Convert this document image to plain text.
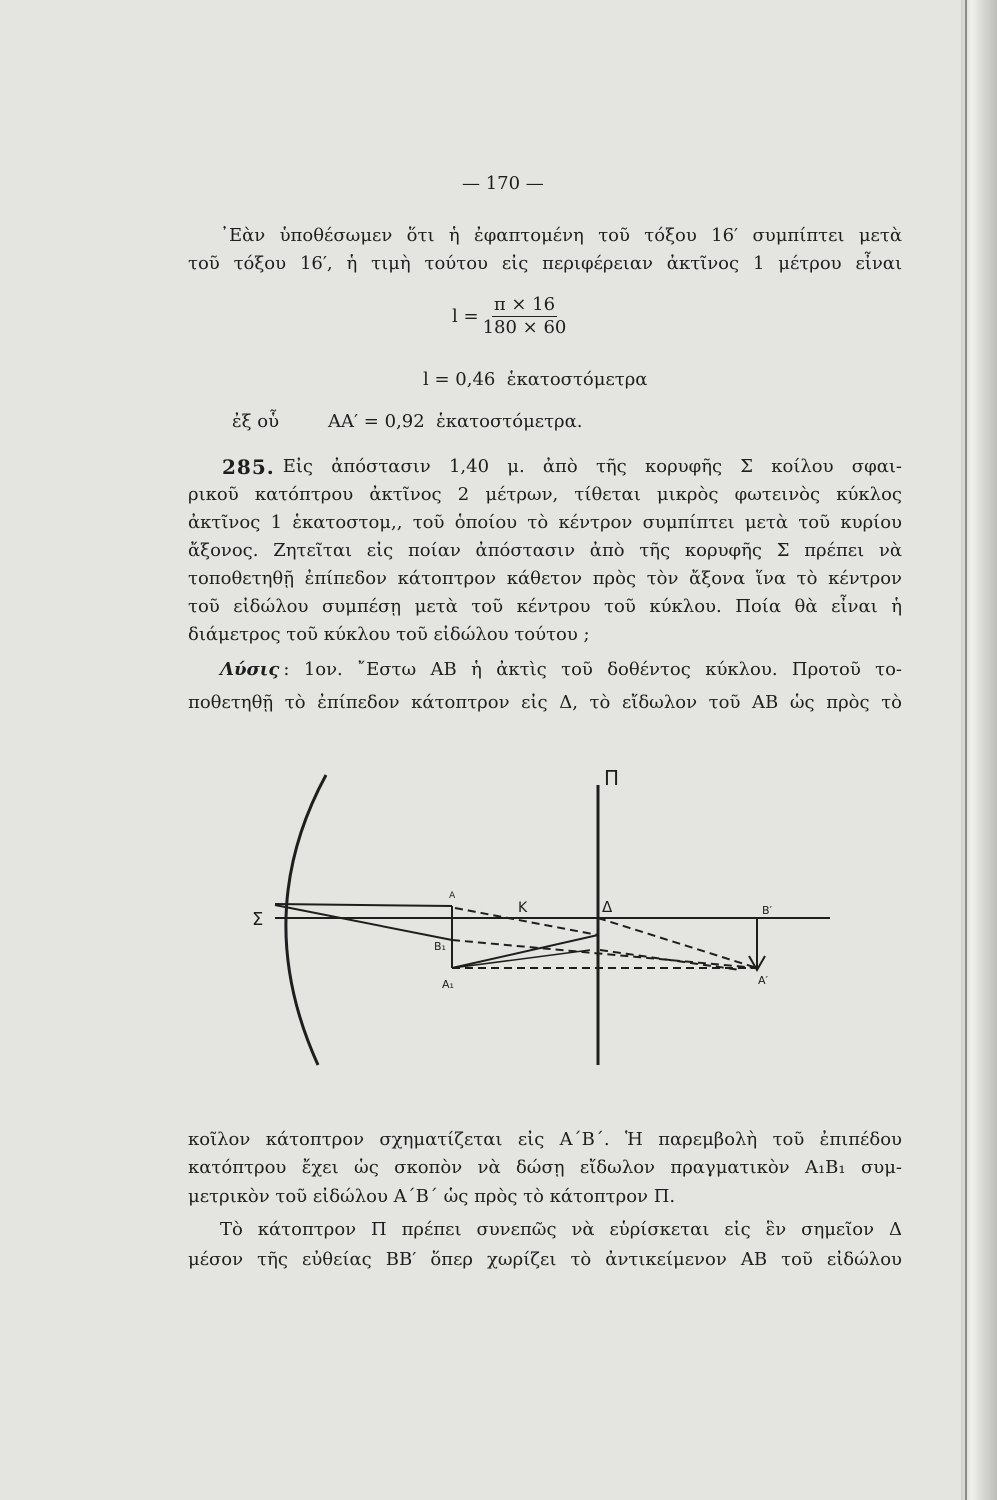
— 170 —
᾿Εὰν ὑποθέσωμεν ὅτι ἡ ἐφαπτομένη τοῦ τόξου 16′ συμπίπτει μετὰ
τοῦ τόξου 16′, ἡ τιμὴ τούτου εἰς περιφέρειαν ἀκτῖνος 1 μέτρου εἶναι
$l = \frac{\pi \times 16}{180 \times 60}$
l = 0,46  ἑκατοστόμετρα
ἐξ οὗ	AA′ = 0,92  ἑκατοστόμετρα.
285. Εἰς ἀπόστασιν 1,40 μ. ἀπὸ τῆς κορυφῆς Σ κοίλου σφαι-
ρικοῦ κατόπτρου ἀκτῖνος 2 μέτρων, τίθεται μικρὸς φωτεινὸς κύκλος
ἀκτῖνος 1 ἑκατοστομ,, τοῦ ὁποίου τὸ κέντρον συμπίπτει μετὰ τοῦ κυρίου
ἄξονος. Ζητεῖται εἰς ποίαν ἀπόστασιν ἀπὸ τῆς κορυφῆς Σ πρέπει νὰ
τοποθετηθῇ ἐπίπεδον κάτοπτρον κάθετον πρὸς τὸν ἄξονα ἵνα τὸ κέντρον
τοῦ εἰδώλου συμπέσῃ μετὰ τοῦ κέντρου τοῦ κύκλου. Ποία θὰ εἶναι ἡ
διάμετρος τοῦ κύκλου τοῦ εἰδώλου τούτου ;
Λύσις : 1ον. ῎Εστω ΑΒ ἡ ἀκτὶς τοῦ δοθέντος κύκλου. Προτοῦ το-
ποθετηθῇ τὸ ἐπίπεδον κάτοπτρον εἰς Δ, τὸ εἴδωλον τοῦ ΑΒ ὡς πρὸς τὸ
Σ
A
K	Δ	B′
B₁
A₁	A′
Π
κοῖλον κάτοπτρον σχηματίζεται εἰς Α΄Β΄. Ἡ παρεμβολὴ τοῦ ἐπιπέδου
κατόπτρου ἔχει ὡς σκοπὸν νὰ δώσῃ εἴδωλον πραγματικὸν Α₁Β₁ συμ-
μετρικὸν τοῦ εἰδώλου Α΄Β΄ ὡς πρὸς τὸ κάτοπτρον Π.
Τὸ κάτοπτρον Π πρέπει συνεπῶς νὰ εὑρίσκεται εἰς ἓν σημεῖον Δ
μέσον τῆς εὐθείας ΒΒ′ ὅπερ χωρίζει τὸ ἀντικείμενον ΑΒ τοῦ εἰδώλου
